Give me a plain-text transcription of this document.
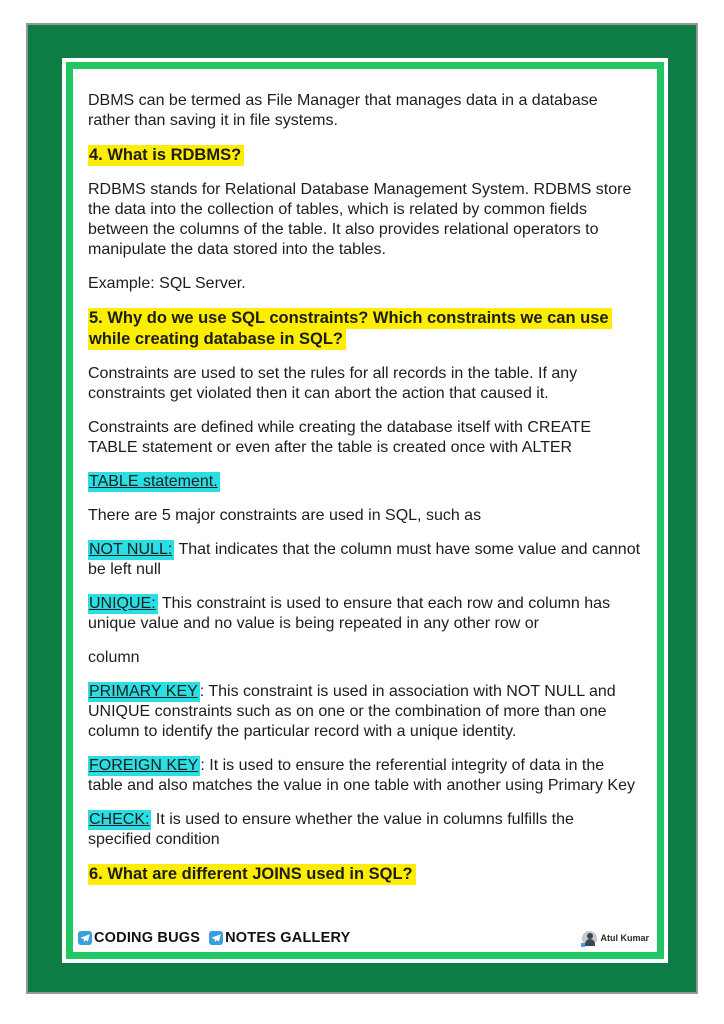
DBMS can be termed as File Manager that manages data in a database rather than saving it in file systems.

4. What is RDBMS?

RDBMS stands for Relational Database Management System. RDBMS store the data into the collection of tables, which is related by common fields between the columns of the table. It also provides relational operators to manipulate the data stored into the tables.

Example: SQL Server.

5. Why do we use SQL constraints? Which constraints we can use while creating database in SQL?

Constraints are used to set the rules for all records in the table. If any constraints get violated then it can abort the action that caused it.

Constraints are defined while creating the database itself with CREATE TABLE statement or even after the table is created once with ALTER

TABLE statement.

There are 5 major constraints are used in SQL, such as

NOT NULL: That indicates that the column must have some value and cannot be left null

UNIQUE: This constraint is used to ensure that each row and column has unique value and no value is being repeated in any other row or

column

PRIMARY KEY : This constraint is used in association with NOT NULL and UNIQUE constraints such as on one or the combination of more than one column to identify the particular record with a unique identity.

FOREIGN KEY : It is used to ensure the referential integrity of data in the table and also matches the value in one table with another using Primary Key

CHECK: It is used to ensure whether the value in columns fulfills the specified condition

6. What are different JOINS used in SQL?

CODING BUGS NOTES GALLERY	Atul Kumar
